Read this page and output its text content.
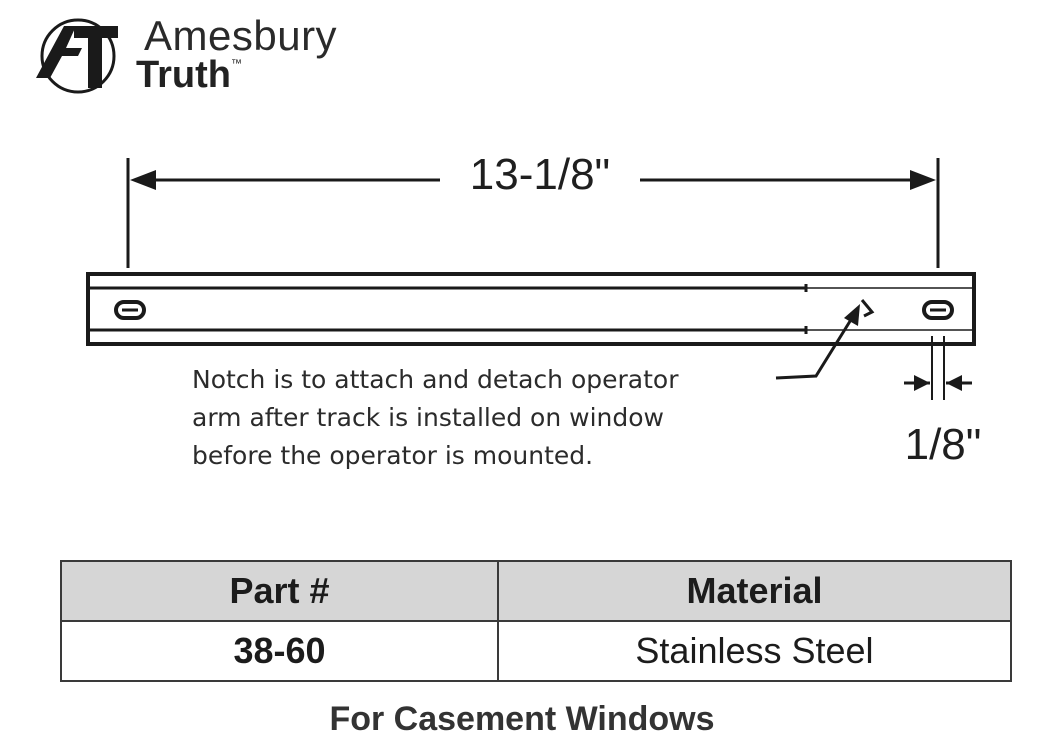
Amesbury
Truth™
13-1/8"
1/8"
Notch is to attach and detach operator
arm after track is installed on window
before the operator is mounted.
Part #	Material
38-60	Stainless Steel
For Casement Windows
